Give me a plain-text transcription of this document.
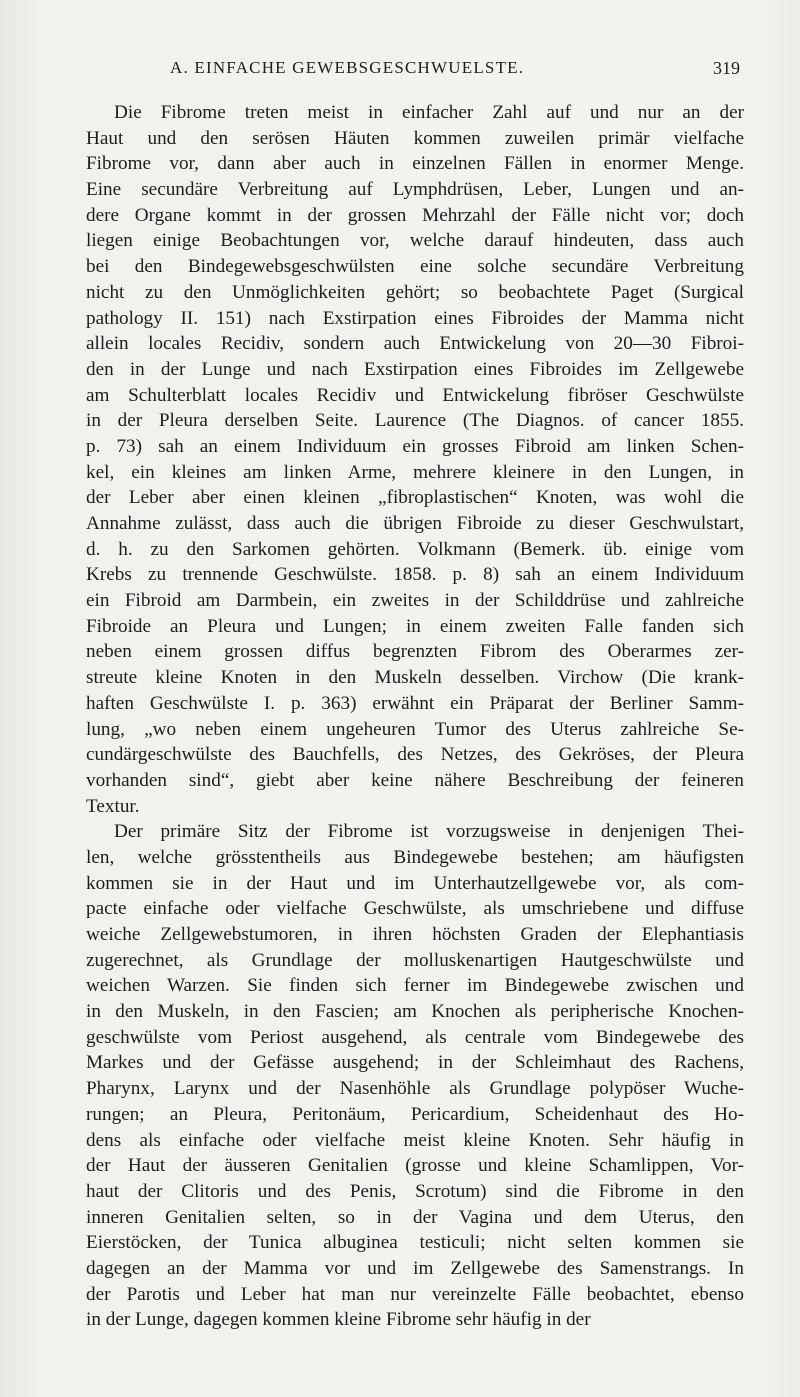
A. EINFACHE GEWEBSGESCHWUELSTE.	319
Die Fibrome treten meist in einfacher Zahl auf und nur an der
Haut und den serösen Häuten kommen zuweilen primär vielfache
Fibrome vor, dann aber auch in einzelnen Fällen in enormer Menge.
Eine secundäre Verbreitung auf Lymphdrüsen, Leber, Lungen und an-
dere Organe kommt in der grossen Mehrzahl der Fälle nicht vor; doch
liegen einige Beobachtungen vor, welche darauf hindeuten, dass auch
bei den Bindegewebsgeschwülsten eine solche secundäre Verbreitung
nicht zu den Unmöglichkeiten gehört; so beobachtete Paget (Surgical
pathology II. 151) nach Exstirpation eines Fibroides der Mamma nicht
allein locales Recidiv, sondern auch Entwickelung von 20—30 Fibroi-
den in der Lunge und nach Exstirpation eines Fibroides im Zellgewebe
am Schulterblatt locales Recidiv und Entwickelung fibröser Geschwülste
in der Pleura derselben Seite. Laurence (The Diagnos. of cancer 1855.
p. 73) sah an einem Individuum ein grosses Fibroid am linken Schen-
kel, ein kleines am linken Arme, mehrere kleinere in den Lungen, in
der Leber aber einen kleinen „fibroplastischen“ Knoten, was wohl die
Annahme zulässt, dass auch die übrigen Fibroide zu dieser Geschwulstart,
d. h. zu den Sarkomen gehörten. Volkmann (Bemerk. üb. einige vom
Krebs zu trennende Geschwülste. 1858. p. 8) sah an einem Individuum
ein Fibroid am Darmbein, ein zweites in der Schilddrüse und zahlreiche
Fibroide an Pleura und Lungen; in einem zweiten Falle fanden sich
neben einem grossen diffus begrenzten Fibrom des Oberarmes zer-
streute kleine Knoten in den Muskeln desselben. Virchow (Die krank-
haften Geschwülste I. p. 363) erwähnt ein Präparat der Berliner Samm-
lung, „wo neben einem ungeheuren Tumor des Uterus zahlreiche Se-
cundärgeschwülste des Bauchfells, des Netzes, des Gekröses, der Pleura
vorhanden sind“, giebt aber keine nähere Beschreibung der feineren
Textur.
Der primäre Sitz der Fibrome ist vorzugsweise in denjenigen Thei-
len, welche grösstentheils aus Bindegewebe bestehen; am häufigsten
kommen sie in der Haut und im Unterhautzellgewebe vor, als com-
pacte einfache oder vielfache Geschwülste, als umschriebene und diffuse
weiche Zellgewebstumoren, in ihren höchsten Graden der Elephantiasis
zugerechnet, als Grundlage der molluskenartigen Hautgeschwülste und
weichen Warzen. Sie finden sich ferner im Bindegewebe zwischen und
in den Muskeln, in den Fascien; am Knochen als peripherische Knochen-
geschwülste vom Periost ausgehend, als centrale vom Bindegewebe des
Markes und der Gefässe ausgehend; in der Schleimhaut des Rachens,
Pharynx, Larynx und der Nasenhöhle als Grundlage polypöser Wuche-
rungen; an Pleura, Peritonäum, Pericardium, Scheidenhaut des Ho-
dens als einfache oder vielfache meist kleine Knoten. Sehr häufig in
der Haut der äusseren Genitalien (grosse und kleine Schamlippen, Vor-
haut der Clitoris und des Penis, Scrotum) sind die Fibrome in den
inneren Genitalien selten, so in der Vagina und dem Uterus, den
Eierstöcken, der Tunica albuginea testiculi; nicht selten kommen sie
dagegen an der Mamma vor und im Zellgewebe des Samenstrangs. In
der Parotis und Leber hat man nur vereinzelte Fälle beobachtet, ebenso
in der Lunge, dagegen kommen kleine Fibrome sehr häufig in der
